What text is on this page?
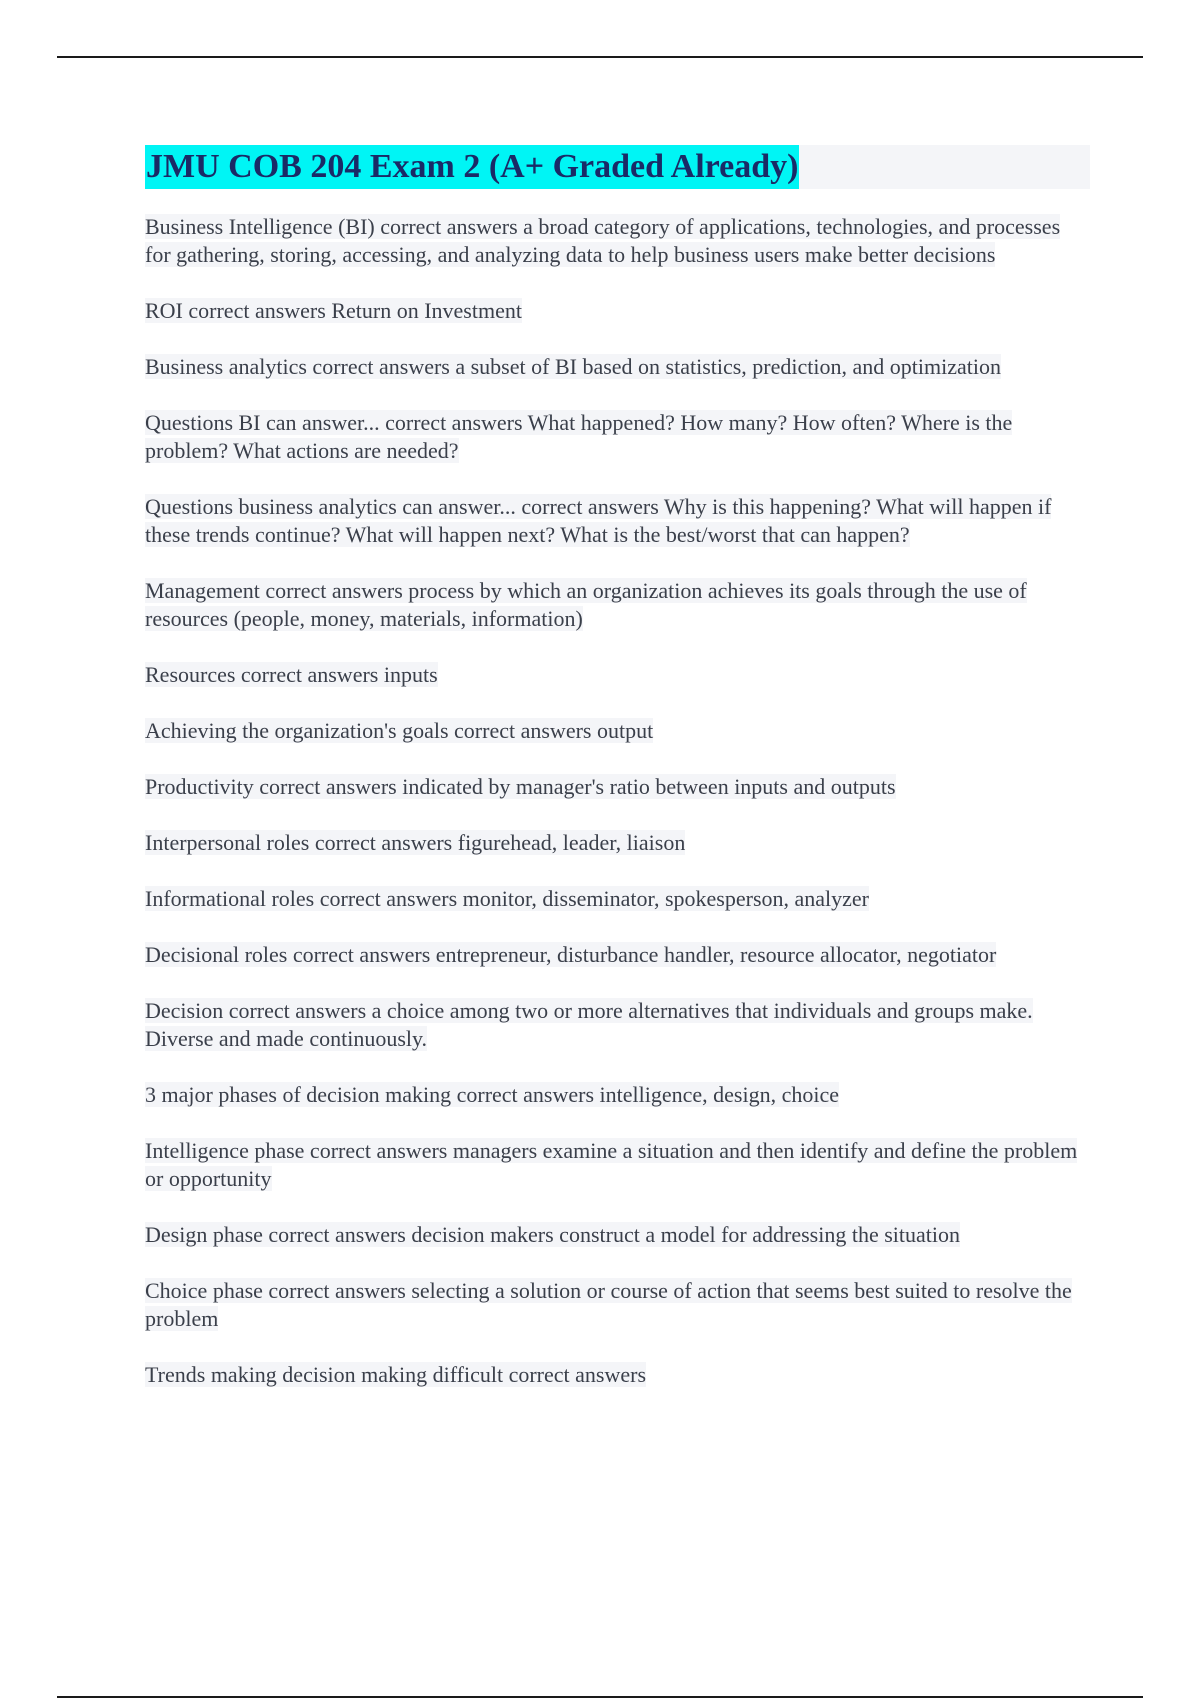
JMU COB 204 Exam 2 (A+ Graded Already)
Business Intelligence (BI) correct answers a broad category of applications, technologies, and processes for gathering, storing, accessing, and analyzing data to help business users make better decisions
ROI correct answers Return on Investment
Business analytics correct answers a subset of BI based on statistics, prediction, and optimization
Questions BI can answer... correct answers What happened? How many? How often? Where is the problem? What actions are needed?
Questions business analytics can answer... correct answers Why is this happening? What will happen if these trends continue? What will happen next? What is the best/worst that can happen?
Management correct answers process by which an organization achieves its goals through the use of resources (people, money, materials, information)
Resources correct answers inputs
Achieving the organization's goals correct answers output
Productivity correct answers indicated by manager's ratio between inputs and outputs
Interpersonal roles correct answers figurehead, leader, liaison
Informational roles correct answers monitor, disseminator, spokesperson, analyzer
Decisional roles correct answers entrepreneur, disturbance handler, resource allocator, negotiator
Decision correct answers a choice among two or more alternatives that individuals and groups make. Diverse and made continuously.
3 major phases of decision making correct answers intelligence, design, choice
Intelligence phase correct answers managers examine a situation and then identify and define the problem or opportunity
Design phase correct answers decision makers construct a model for addressing the situation
Choice phase correct answers selecting a solution or course of action that seems best suited to resolve the problem
Trends making decision making difficult correct answers
